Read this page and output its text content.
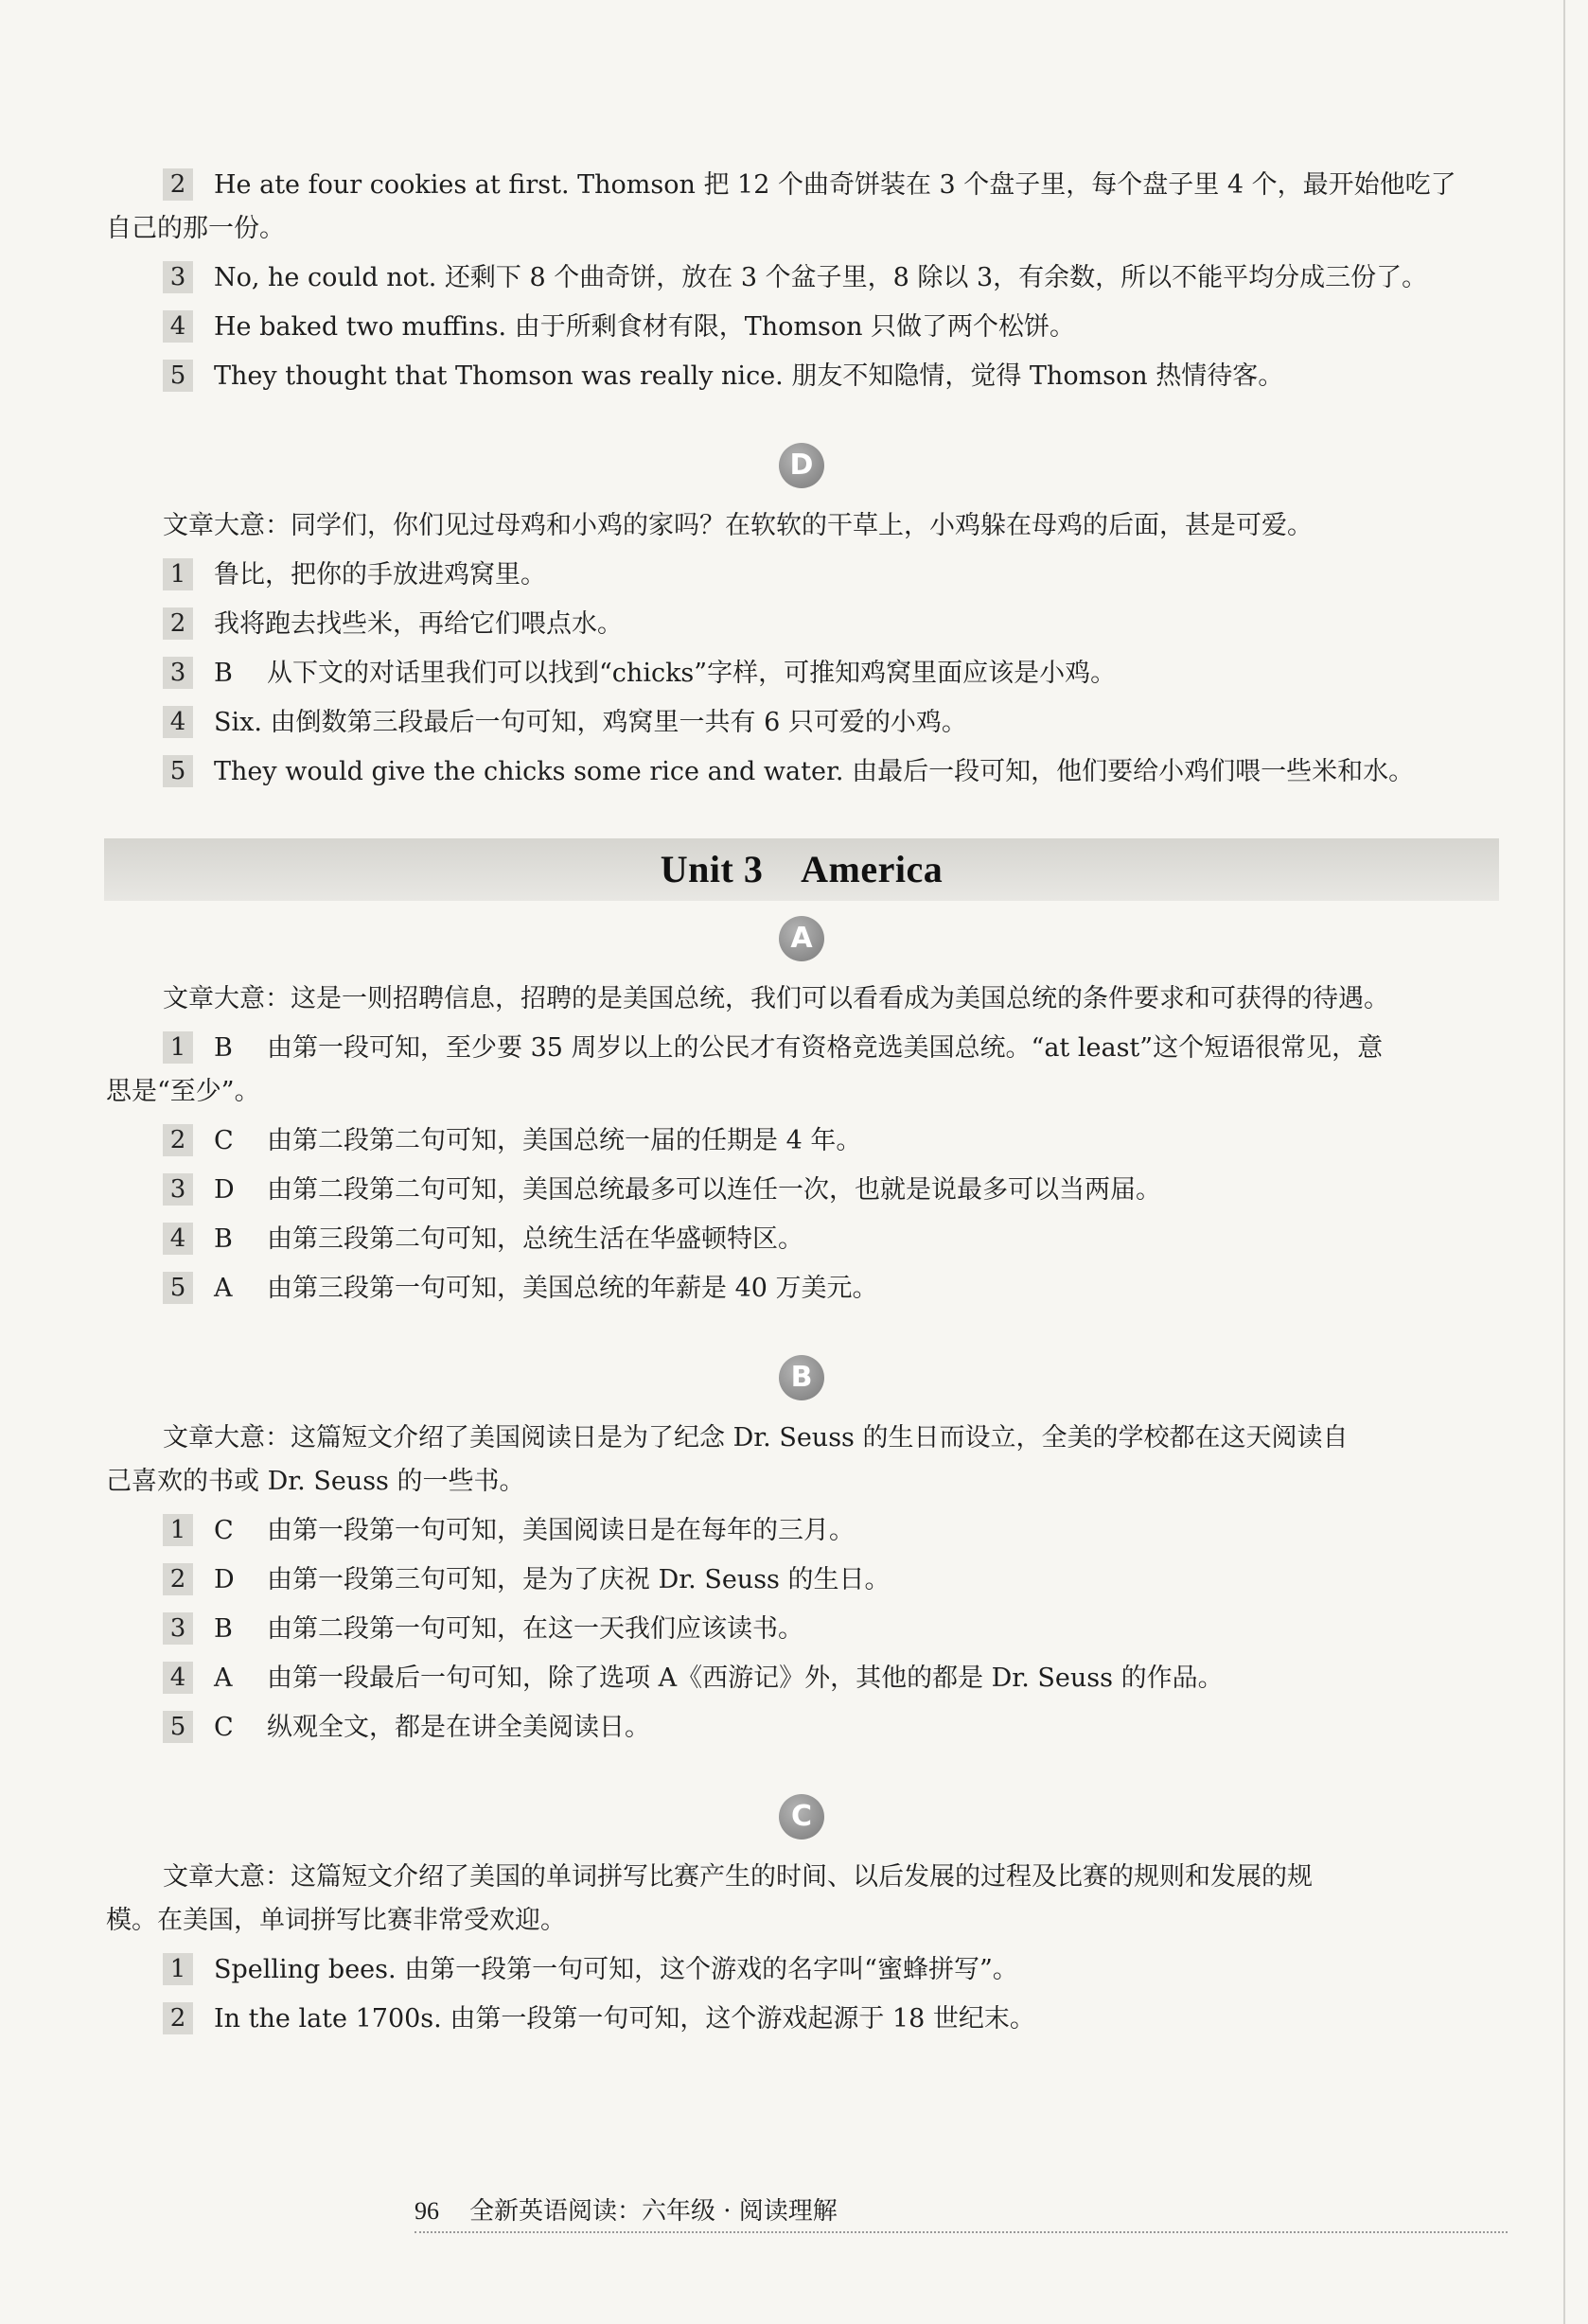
2 He ate four cookies at first. Thomson 把 12 个曲奇饼装在 3 个盘子里，每个盘子里 4 个，最开始他吃了

自己的那一份。

3 No, he could not. 还剩下 8 个曲奇饼，放在 3 个盆子里，8 除以 3，有余数，所以不能平均分成三份了。

4 He baked two muffins. 由于所剩食材有限，Thomson 只做了两个松饼。

5 They thought that Thomson was really nice. 朋友不知隐情，觉得 Thomson 热情待客。

D

文章大意：同学们，你们见过母鸡和小鸡的家吗？在软软的干草上，小鸡躲在母鸡的后面，甚是可爱。

1 鲁比，把你的手放进鸡窝里。

2 我将跑去找些米，再给它们喂点水。

3 B 从下文的对话里我们可以找到“chicks”字样，可推知鸡窝里面应该是小鸡。

4 Six. 由倒数第三段最后一句可知，鸡窝里一共有 6 只可爱的小鸡。

5 They would give the chicks some rice and water. 由最后一段可知，他们要给小鸡们喂一些米和水。

Unit 3    America
A

文章大意：这是一则招聘信息，招聘的是美国总统，我们可以看看成为美国总统的条件要求和可获得的待遇。

1 B 由第一段可知，至少要 35 周岁以上的公民才有资格竞选美国总统。“at least”这个短语很常见，意

思是“至少”。

2 C 由第二段第二句可知，美国总统一届的任期是 4 年。

3 D 由第二段第二句可知，美国总统最多可以连任一次，也就是说最多可以当两届。

4 B 由第三段第二句可知，总统生活在华盛顿特区。

5 A 由第三段第一句可知，美国总统的年薪是 40 万美元。

B

文章大意：这篇短文介绍了美国阅读日是为了纪念 Dr. Seuss 的生日而设立，全美的学校都在这天阅读自

己喜欢的书或 Dr. Seuss 的一些书。

1 C 由第一段第一句可知，美国阅读日是在每年的三月。

2 D 由第一段第三句可知，是为了庆祝 Dr. Seuss 的生日。

3 B 由第二段第一句可知，在这一天我们应该读书。

4 A 由第一段最后一句可知，除了选项 A《西游记》外，其他的都是 Dr. Seuss 的作品。

5 C 纵观全文，都是在讲全美阅读日。

C

文章大意：这篇短文介绍了美国的单词拼写比赛产生的时间、以后发展的过程及比赛的规则和发展的规

模。在美国，单词拼写比赛非常受欢迎。

1 Spelling bees. 由第一段第一句可知，这个游戏的名字叫“蜜蜂拼写”。

2 In the late 1700s. 由第一段第一句可知，这个游戏起源于 18 世纪末。

96 全新英语阅读：六年级 · 阅读理解
